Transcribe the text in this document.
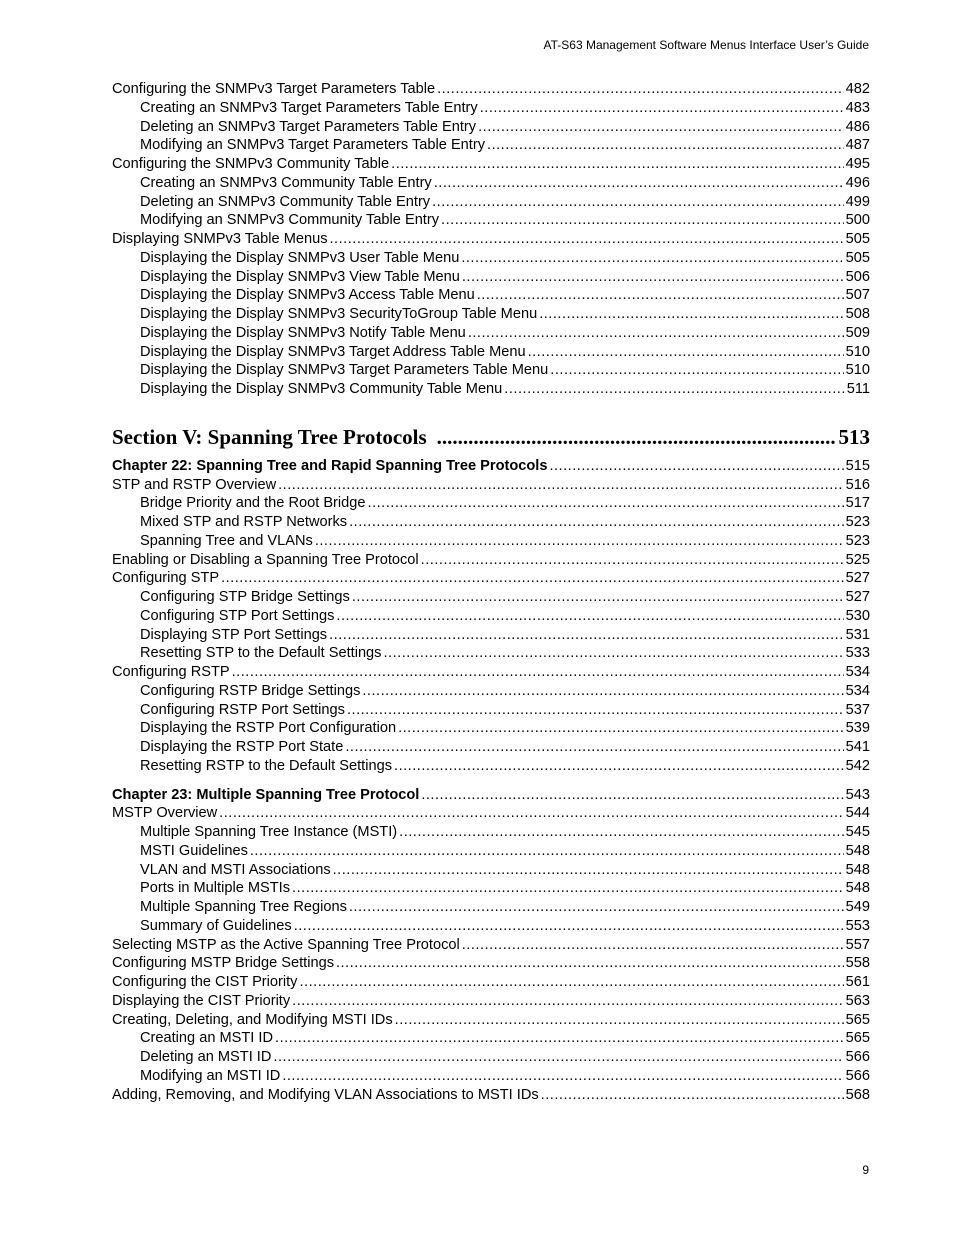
AT-S63 Management Software Menus Interface User’s Guide
Configuring the SNMPv3 Target Parameters Table .....	482
Creating an SNMPv3 Target Parameters Table Entry .....	483
Deleting an SNMPv3 Target Parameters Table Entry .....	486
Modifying an SNMPv3 Target Parameters Table Entry .....	487
Configuring the SNMPv3 Community Table .....	495
Creating an SNMPv3 Community Table Entry .....	496
Deleting an SNMPv3 Community Table Entry .....	499
Modifying an SNMPv3 Community Table Entry .....	500
Displaying SNMPv3 Table Menus .....	505
Displaying the Display SNMPv3 User Table Menu .....	505
Displaying the Display SNMPv3 View Table Menu .....	506
Displaying the Display SNMPv3 Access Table Menu .....	507
Displaying the Display SNMPv3 SecurityToGroup Table Menu .....	508
Displaying the Display SNMPv3 Notify Table Menu .....	509
Displaying the Display SNMPv3 Target Address Table Menu .....	510
Displaying the Display SNMPv3 Target Parameters Table Menu .....	510
Displaying the Display SNMPv3 Community Table Menu .....	511
Section V: Spanning Tree Protocols .....	513
Chapter 22: Spanning Tree and Rapid Spanning Tree Protocols .....	515
STP and RSTP Overview .....	516
Bridge Priority and the Root Bridge .....	517
Mixed STP and RSTP Networks .....	523
Spanning Tree and VLANs .....	523
Enabling or Disabling a Spanning Tree Protocol .....	525
Configuring STP .....	527
Configuring STP Bridge Settings .....	527
Configuring STP Port Settings .....	530
Displaying STP Port Settings .....	531
Resetting STP to the Default Settings .....	533
Configuring RSTP .....	534
Configuring RSTP Bridge Settings .....	534
Configuring RSTP Port Settings .....	537
Displaying the RSTP Port Configuration .....	539
Displaying the RSTP Port State .....	541
Resetting RSTP to the Default Settings .....	542
Chapter 23: Multiple Spanning Tree Protocol .....	543
MSTP Overview .....	544
Multiple Spanning Tree Instance (MSTI) .....	545
MSTI Guidelines .....	548
VLAN and MSTI Associations .....	548
Ports in Multiple MSTIs .....	548
Multiple Spanning Tree Regions .....	549
Summary of Guidelines .....	553
Selecting MSTP as the Active Spanning Tree Protocol .....	557
Configuring MSTP Bridge Settings .....	558
Configuring the CIST Priority .....	561
Displaying the CIST Priority .....	563
Creating, Deleting, and Modifying MSTI IDs .....	565
Creating an MSTI ID .....	565
Deleting an MSTI ID .....	566
Modifying an MSTI ID .....	566
Adding, Removing, and Modifying VLAN Associations to MSTI IDs .....	568
9
